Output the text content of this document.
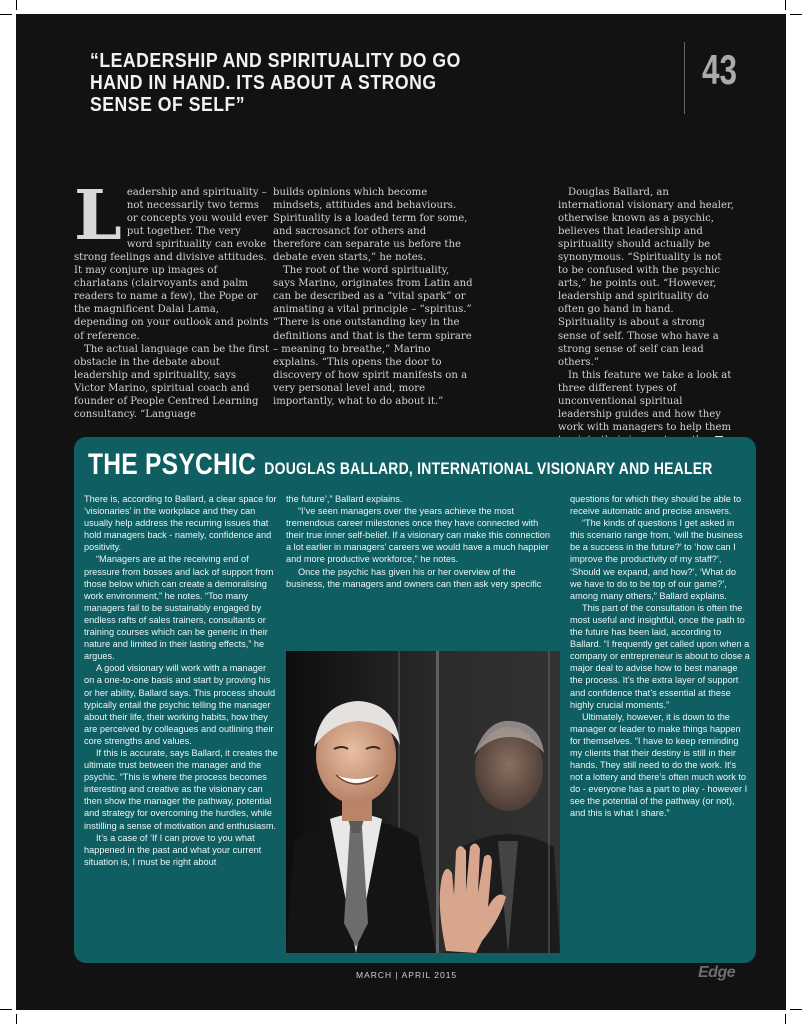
“LEADERSHIP AND SPIRITUALITY DO GO HAND IN HAND. ITS ABOUT A STRONG SENSE OF SELF”
43

Leadership and spirituality – not necessarily two terms or concepts you would ever put together. The very word spirituality can evoke strong feelings and divisive attitudes. It may conjure up images of charlatans (clairvoyants and palm readers to name a few), the Pope or the magnificent Dalai Lama, depending on your outlook and points of reference.

The actual language can be the first obstacle in the debate about leadership and spirituality, says Victor Marino, spiritual coach and founder of People Centred Learning consultancy. “Language

builds opinions which become mindsets, attitudes and behaviours. Spirituality is a loaded term for some, and sacrosanct for others and therefore can separate us before the debate even starts,” he notes.

The root of the word spirituality, says Marino, originates from Latin and can be described as a “vital spark” or animating a vital principle – “spiritus.” “There is one outstanding key in the definitions and that is the term spirare – meaning to breathe,” Marino explains. “This opens the door to discovery of how spirit manifests on a very personal level and, more importantly, what to do about it.”

Douglas Ballard, an international visionary and healer, otherwise known as a psychic, believes that leadership and spirituality should actually be synonymous. “Spirituality is not to be confused with the psychic arts,” he points out. “However, leadership and spirituality do often go hand in hand. Spirituality is about a strong sense of self. Those who have a strong sense of self can lead others.”

In this feature we take a look at three different types of unconventional spiritual leadership guides and how they work with managers to help them

THE PSYCHIC DOUGLAS BALLARD, INTERNATIONAL VISIONARY AND HEALER

There is, according to Ballard, a clear space for ‘visionaries’ in the workplace and they can usually help address the recurring issues that hold managers back - namely, confidence and positivity.

“Managers are at the receiving end of pressure from bosses and lack of support from those below which can create a demoralising work environment,” he notes. “Too many managers fail to be sustainably engaged by endless rafts of sales trainers, consultants or training courses which can be generic in their nature and limited in their lasting effects,” he argues.

A good visionary will work with a manager on a one-to-one basis and start by proving his or her ability, Ballard says. This process should typically entail the psychic telling the manager about their life, their working habits, how they are perceived by colleagues and outlining their core strengths and values.

If this is accurate, says Ballard, it creates the ultimate trust between the manager and the psychic. “This is where the process becomes interesting and creative as the visionary can then show the manager the pathway, potential and strategy for overcoming the hurdles, while instilling a sense of motivation and enthusiasm.

It’s a case of ‘If I can prove to you what happened in the past and what your current situation is, I must be right about

the future’,” Ballard explains.

“I’ve seen managers over the years achieve the most tremendous career milestones once they have connected with their true inner self-belief. If a visionary can make this connection a lot earlier in managers’ careers we would have a much happier and more productive workforce,” he notes.

Once the psychic has given his or her overview of the business, the managers and owners can then ask very specific

questions for which they should be able to receive automatic and precise answers.

“The kinds of questions I get asked in this scenario range from, ‘will the business be a success in the future?’ to ‘how can I improve the productivity of my staff?’, ‘Should we expand, and how?’, ‘What do we have to do to be top of our game?’, among many others,” Ballard explains.

This part of the consultation is often the most useful and insightful, once the path to the future has been laid, according to Ballard. “I frequently get called upon when a company or entrepreneur is about to close a major deal to advise how to best manage the process. It’s the extra layer of support and confidence that’s essential at these highly crucial moments.”

Ultimately, however, it is down to the manager or leader to make things happen for themselves. “I have to keep reminding my clients that their destiny is still in their hands. They still need to do the work. It’s not a lottery and there’s often much work to do - everyone has a part to play - however I see the potential of the pathway (or not), and this is what I share.”

MARCH | APRIL 2015	Edge
